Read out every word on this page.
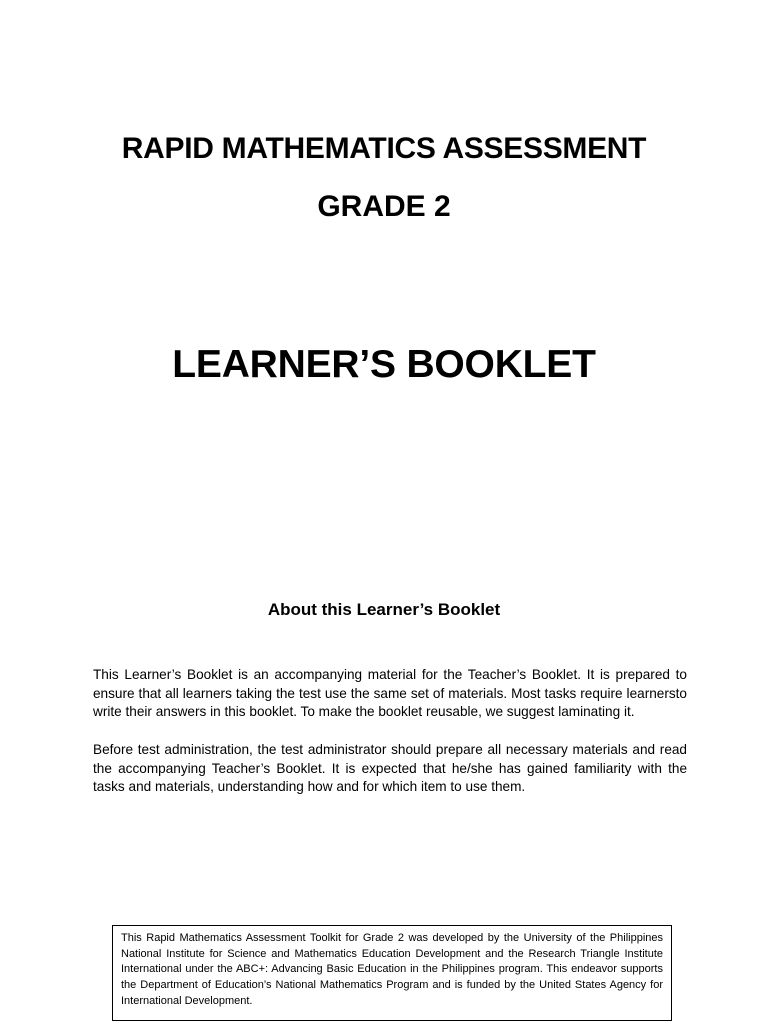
RAPID MATHEMATICS ASSESSMENT
GRADE 2
LEARNER’S BOOKLET
About this Learner’s Booklet

This Learner’s Booklet is an accompanying material for the Teacher’s Booklet. It is prepared to ensure that all learners taking the test use the same set of materials. Most tasks require learnersto write their answers in this booklet. To make the booklet reusable, we suggest laminating it.

Before test administration, the test administrator should prepare all necessary materials and read the accompanying Teacher’s Booklet. It is expected that he/she has gained familiarity with the tasks and materials, understanding how and for which item to use them.

This Rapid Mathematics Assessment Toolkit for Grade 2 was developed by the University of the Philippines National Institute for Science and Mathematics Education Development and the Research Triangle Institute International under the ABC+: Advancing Basic Education in the Philippines program. This endeavor supports the Department of Education’s National Mathematics Program and is funded by the United States Agency for International Development.
